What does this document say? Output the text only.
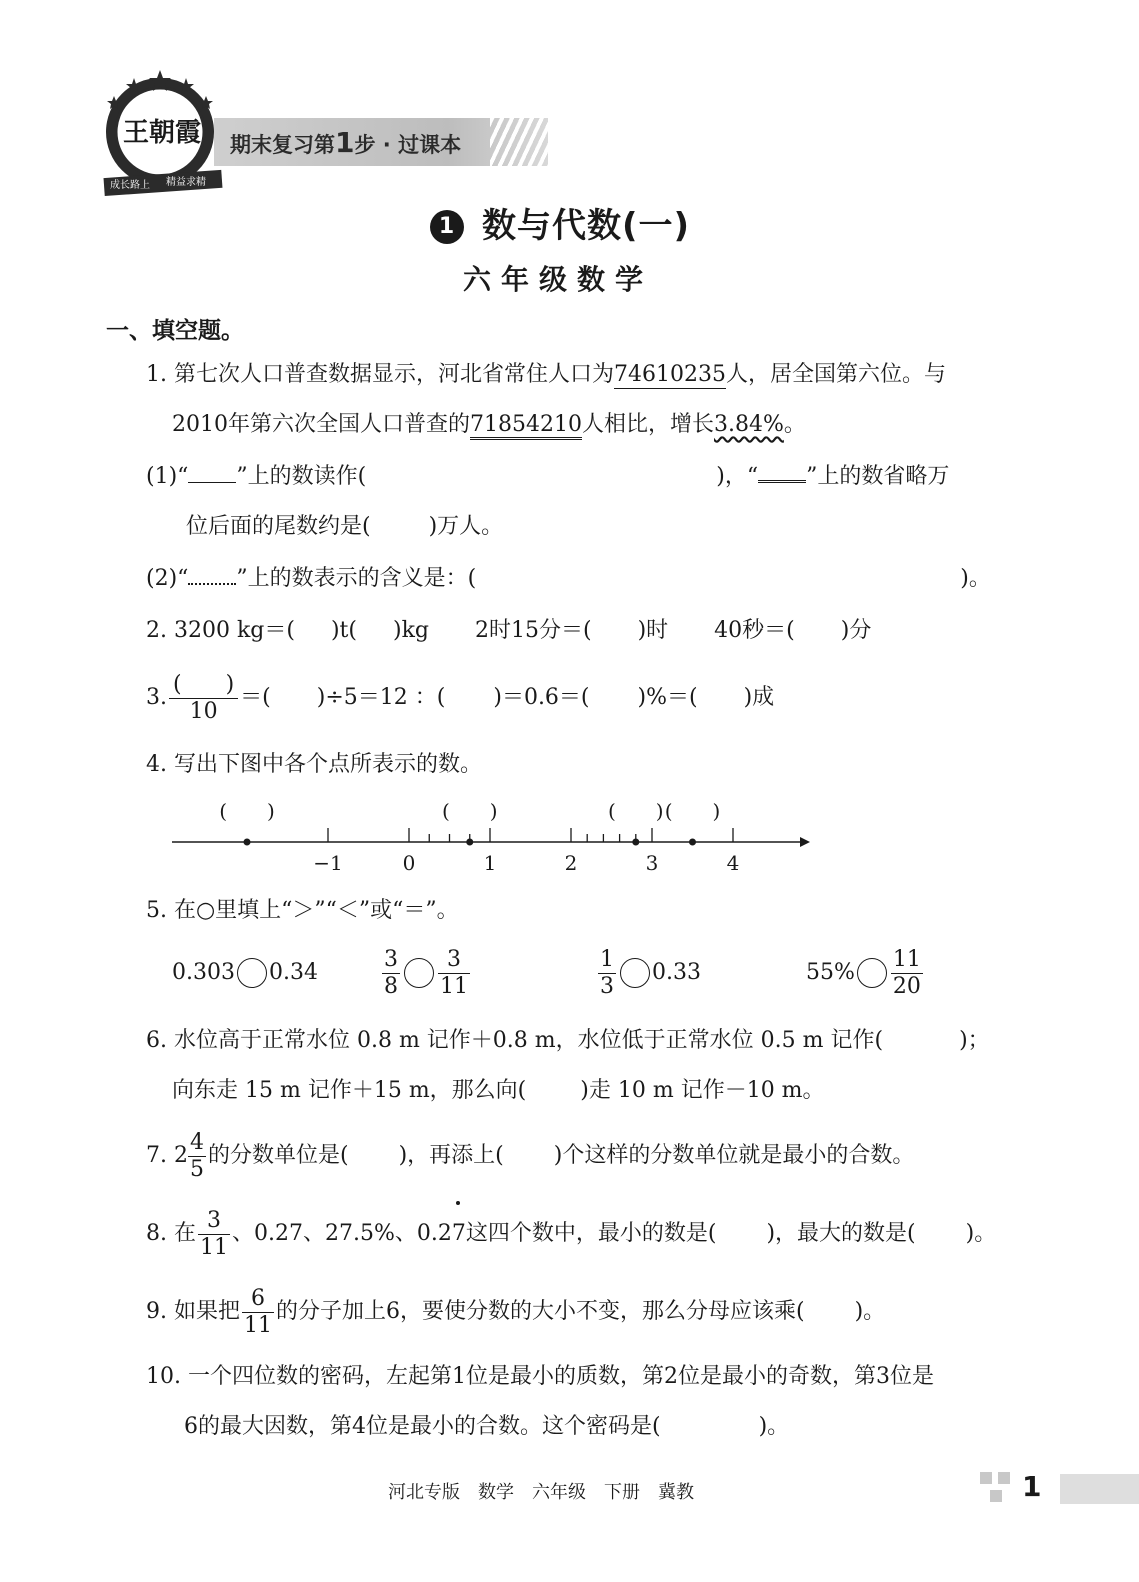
王朝霞
成长路上 精益求精
期末复习第1步 · 过课本
1 数与代数(一)
六年级数学
一、填空题。
1. 第七次人口普查数据显示，河北省常住人口为74610235人，居全国第六位。与
2010年第六次全国人口普查的71854210人相比，增长3.84%。
(1)“ ”上的数读作(	)，“ ”上的数省略万
位后面的尾数约是(	)万人。
(2)“ ”上的数表示的含义是：(	)。
2. 3200 kg＝( )t( )kg 2时15分＝( )时 40秒＝( )分
3. $\frac{( )}{10}$ ＝( )÷5＝12 ：( )＝0.6＝( )%＝( )成
4. 写出下图中各个点所表示的数。
−1	0	1	2	3	4
(　　)	(　　)	(　　) (　　)
5. 在○里填上“＞”“＜”或“＝”。
0.303 0.34	$\frac{3}{8} \frac{3}{11}$	$\frac{1}{3} 0.33$	$55\% \frac{11}{20}$
6. 水位高于正常水位 0.8 m 记作＋0.8 m，水位低于正常水位 0.5 m 记作(	)；
向东走 15 m 记作＋15 m，那么向( )走 10 m 记作－10 m。
7. $2 \frac{4}{5}$ 的分数单位是( )，再添上( )个这样的分数单位就是最小的合数。
8. 在 $\frac{3}{11}$ 、0.27、27.5%、0.27这四个数中，最小的数是( )，最大的数是( )。
9. 如果把 $\frac{6}{11}$ 的分子加上6，要使分数的大小不变，那么分母应该乘( )。
10. 一个四位数的密码，左起第1位是最小的质数，第2位是最小的奇数，第3位是
6的最大因数，第4位是最小的合数。这个密码是(	)。
河北专版　数学　六年级　下册　冀教	1
